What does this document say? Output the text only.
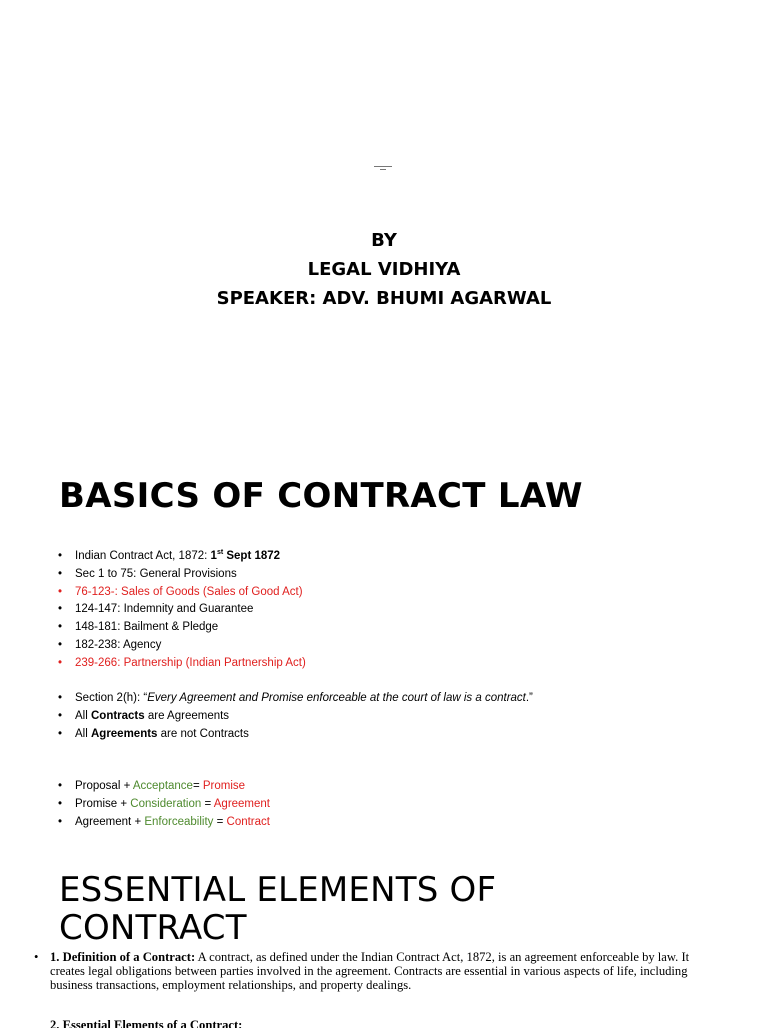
BY
LEGAL VIDHIYA
SPEAKER: ADV. BHUMI AGARWAL
BASICS OF CONTRACT LAW
• Indian Contract Act, 1872: 1st Sept 1872
• Sec 1 to 75: General Provisions
• 76-123-: Sales of Goods (Sales of Good Act)
• 124-147: Indemnity and Guarantee
• 148-181: Bailment & Pledge
• 182-238: Agency
• 239-266: Partnership (Indian Partnership Act)
• Section 2(h): “Every Agreement and Promise enforceable at the court of law is a contract.”
• All Contracts are Agreements
• All Agreements are not Contracts
• Proposal + Acceptance= Promise
• Promise + Consideration = Agreement
• Agreement + Enforceability = Contract
ESSENTIAL ELEMENTS OF
CONTRACT
• 1. Definition of a Contract: A contract, as defined under the Indian Contract Act, 1872, is an agreement enforceable by law. It creates legal obligations between parties involved in the agreement. Contracts are essential in various aspects of life, including business transactions, employment relationships, and property dealings.
2. Essential Elements of a Contract:
